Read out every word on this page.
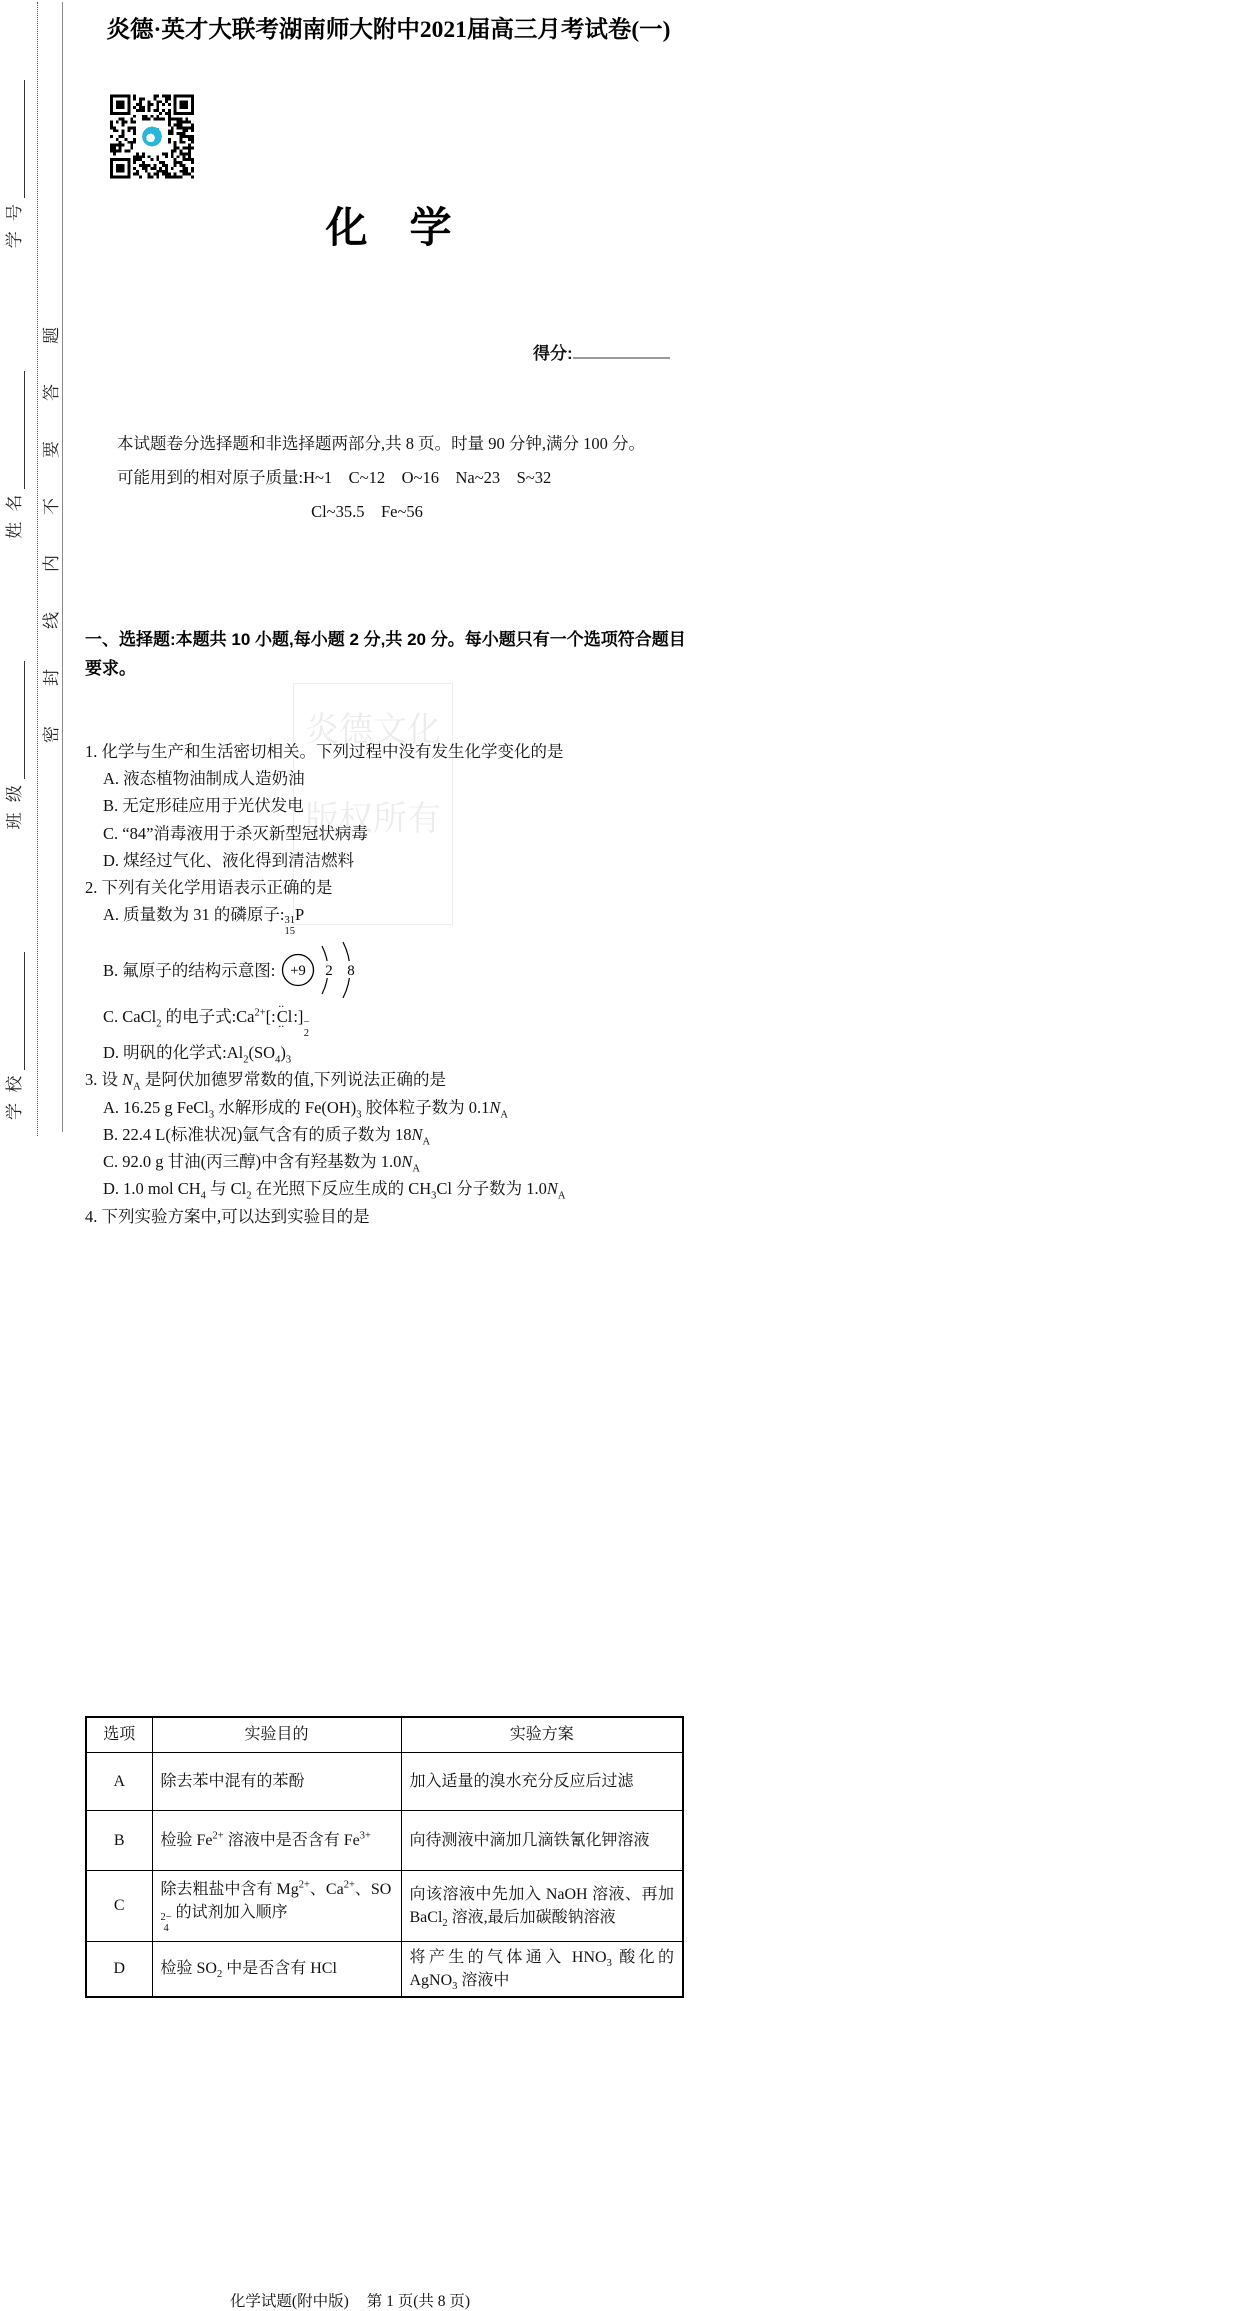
炎德文化
版权所有
学 校
班 级
姓 名
学 号
密封线内不要答题
炎德·英才大联考湖南师大附中2021届高三月考试卷(一)
化　学
得分:
本试题卷分选择题和非选择题两部分,共 8 页。时量 90 分钟,满分 100 分。
可能用到的相对原子质量:H~1　C~12　O~16　Na~23　S~32
Cl~35.5　Fe~56
一、选择题:本题共 10 小题,每小题 2 分,共 20 分。每小题只有一个选项符合题目要求。
1. 化学与生产和生活密切相关。下列过程中没有发生化学变化的是
A. 液态植物油制成人造奶油
B. 无定形硅应用于光伏发电
C. “84”消毒液用于杀灭新型冠状病毒
D. 煤经过气化、液化得到清洁燃料
2. 下列有关化学用语表示正确的是
A. 质量数为 31 的磷原子: 31
15
P
B. 氟原子的结构示意图: +9 2 8
C. CaCl$_2$ 的电子式$:Ca^{2+}[:\cdot \cdot Cl$ · ·:] −
2
D. 明矾的化学式$:Al_2(SO_4)_3$
3. 设 $N_A$ 是阿伏加德罗常数的值,下列说法正确的是
A. 16.25 g FeCl$_3$ 水解形成的 $Fe(OH)_3$ 胶体粒子数为 $0.1N_A$
B. 22.4 L(标准状况)氩气含有的质子数为 $18N_A$
C. 92.0 g 甘油(丙三醇)中含有羟基数为 $1.0N_A$
D. 1.0 mol $CH_4$ 与 $Cl_2$ 在光照下反应生成的 $CH_3Cl$ 分子数为 $1.0N_A$
4. 下列实验方案中,可以达到实验目的是
选项	实验目的	实验方案
A	除去苯中混有的苯酚	加入适量的溴水充分反应后过滤
B	检验 $Fe^{2+}$ 溶液中是否含有 $Fe^{3+}$	向待测液中滴加几滴铁氰化钾溶液
C	除去粗盐中含有 $Mg^{2+}$、$Ca^{2+}$、SO
2−
4
的试剂加入顺序	向该溶液中先加入 NaOH 溶液、再加 BaCl$_2$ 溶液,最后加碳酸钠溶液
D	检验 $SO_2$ 中是否含有 HCl	将产生的气体通入 $HNO_3$ 酸化的 AgNO$_3$ 溶液中
化学试题(附中版) 第 1 页(共 8 页)
